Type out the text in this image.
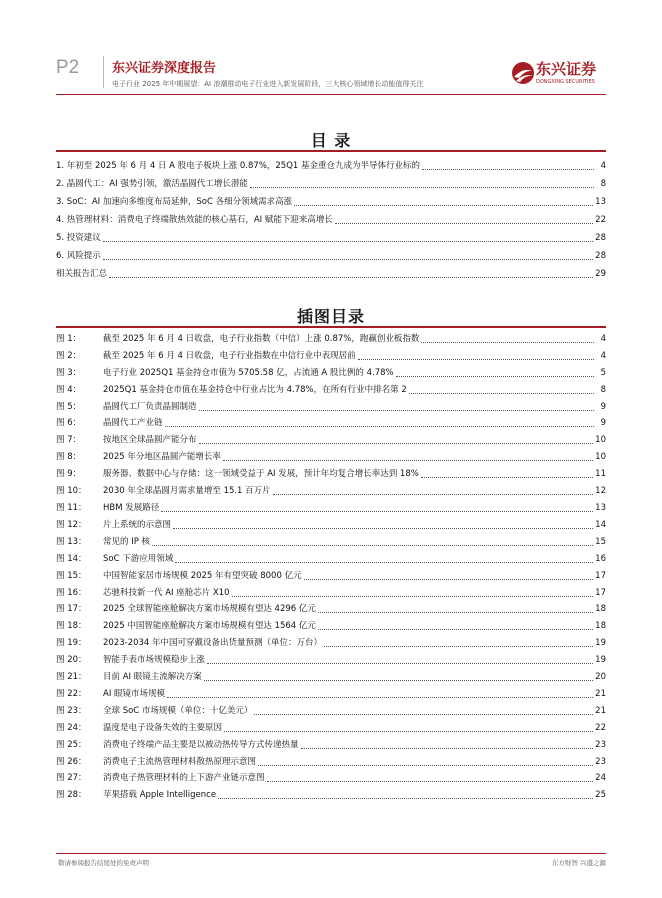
P2	东兴证券深度报告
电子行业 2025 年中期展望：AI 浪潮推动电子行业进入新发展阶段，三大核心领域增长动能值得关注
东兴证券
DONGXING SECURITIES
目 录
1. 年初至 2025 年 6 月 4 日 A 股电子板块上涨 0.87%，25Q1 基金重仓九成为半导体行业标的	4
2. 晶圆代工：AI 强势引领，激活晶圆代工增长潜能	8
3. SoC：AI 加速向多维度布局延伸，SoC 各细分领域需求高涨	13
4. 热管理材料：消费电子终端散热效能的核心基石，AI 赋能下迎来高增长	22
5. 投资建议	28
6. 风险提示	28
相关报告汇总	29
插图目录
图 1：	截至 2025 年 6 月 4 日收盘，电子行业指数（中信）上涨 0.87%，跑赢创业板指数	4
图 2：	截至 2025 年 6 月 4 日收盘，电子行业指数在中信行业中表现居前	4
图 3：	电子行业 2025Q1 基金持仓市值为 5705.58 亿，占流通 A 股比例的 4.78%	5
图 4：	2025Q1 基金持仓市值在基金持仓中行业占比为 4.78%，在所有行业中排名第 2	8
图 5：	晶圆代工厂负责晶圆制造	9
图 6：	晶圆代工产业链	9
图 7：	按地区全球晶圆产能分布	10
图 8：	2025 年分地区晶圆产能增长率	10
图 9：	服务器、数据中心与存储：这一领域受益于 AI 发展，预计年均复合增长率达到 18%	11
图 10： 2030 年全球晶圆月需求量增至 15.1 百万片	12
图 11： HBM 发展路径	13
图 12： 片上系统的示意图	14
图 13： 常见的 IP 核	15
图 14： SoC 下游应用领域	16
图 15： 中国智能家居市场规模 2025 年有望突破 8000 亿元	17
图 16： 芯驰科技新一代 AI 座舱芯片 X10	17
图 17： 2025 全球智能座舱解决方案市场规模有望达 4296 亿元	18
图 18： 2025 中国智能座舱解决方案市场规模有望达 1564 亿元	18
图 19： 2023-2034 年中国可穿戴设备出货量预测（单位：万台）	19
图 20： 智能手表市场规模稳步上涨	19
图 21： 目前 AI 眼镜主流解决方案	20
图 22： AI 眼镜市场规模	21
图 23： 全球 SoC 市场规模（单位：十亿美元）	21
图 24： 温度是电子设备失效的主要原因	22
图 25： 消费电子终端产品主要是以被动热传导方式传递热量	23
图 26： 消费电子主流热管理材料散热原理示意图	23
图 27： 消费电子热管理材料的上下游产业链示意图	24
图 28： 苹果搭载 Apple Intelligence	25
敬请参阅报告结尾处的免责声明	东方财智 兴盛之源
